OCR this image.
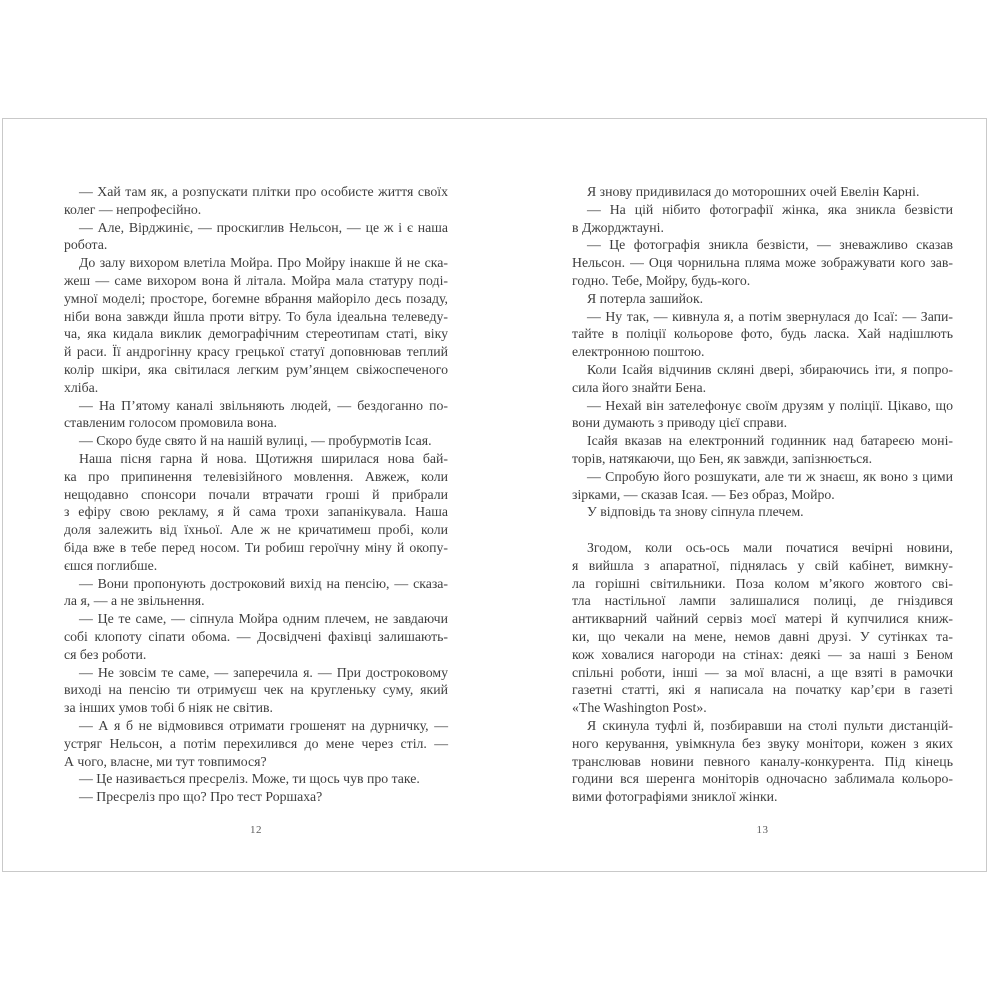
— Хай там як, а розпускати плітки про особисте життя своїх
колег — непрофесійно.
— Але, Вірджиніє, — проскиглив Нельсон, — це ж і є наша
робота.
До залу вихором влетіла Мойра. Про Мойру інакше й не ска-
жеш — саме вихором вона й літала. Мойра мала статуру поді-
умної моделі; просторе, богемне вбрання майоріло десь позаду,
ніби вона завжди йшла проти вітру. То була ідеальна телеведу-
ча, яка кидала виклик демографічним стереотипам статі, віку
й раси. Її андрогінну красу грецької статуї доповнював теплий
колір шкіри, яка світилася легким рум’янцем свіжоспеченого
хліба.
— На П’ятому каналі звільняють людей, — бездоганно по-
ставленим голосом промовила вона.
— Скоро буде свято й на нашій вулиці, — пробурмотів Ісая.
Наша пісня гарна й нова. Щотижня ширилася нова бай-
ка про припинення телевізійного мовлення. Авжеж, коли
нещодавно спонсори почали втрачати гроші й прибрали
з ефіру свою рекламу, я й сама трохи запанікувала. Наша
доля залежить від їхньої. Але ж не кричатимеш пробі, коли
біда вже в тебе перед носом. Ти робиш героїчну міну й окопу-
єшся поглибше.
— Вони пропонують достроковий вихід на пенсію, — сказа-
ла я, — а не звільнення.
— Це те саме, — сіпнула Мойра одним плечем, не завдаючи
собі клопоту сіпати обома. — Досвідчені фахівці залишають-
ся без роботи.
— Не зовсім те саме, — заперечила я. — При достроковому
виході на пенсію ти отримуєш чек на кругленьку суму, який
за інших умов тобі б ніяк не світив.
— А я б не відмовився отримати грошенят на дурничку, —
устряг Нельсон, а потім перехилився до мене через стіл. —
А чого, власне, ми тут товпимося?
— Це називається пресреліз. Може, ти щось чув про таке.
— Пресреліз про що? Про тест Роршаха?
Я знову придивилася до моторошних очей Евелін Карні.
— На цій нібито фотографії жінка, яка зникла безвісти
в Джорджтауні.
— Це фотографія зникла безвісти, — зневажливо сказав
Нельсон. — Оця чорнильна пляма може зображувати кого зав-
годно. Тебе, Мойру, будь-кого.
Я потерла зашийок.
— Ну так, — кивнула я, а потім звернулася до Ісаї: — Запи-
тайте в поліції кольорове фото, будь ласка. Хай надішлють
електронною поштою.
Коли Ісайя відчинив скляні двері, збираючись іти, я попро-
сила його знайти Бена.
— Нехай він зателефонує своїм друзям у поліції. Цікаво, що
вони думають з приводу цієї справи.
Ісайя вказав на електронний годинник над батареєю моні-
торів, натякаючи, що Бен, як завжди, запізнюється.
— Спробую його розшукати, але ти ж знаєш, як воно з цими
зірками, — сказав Ісая. — Без образ, Мойро.
У відповідь та знову сіпнула плечем.
Згодом, коли ось-ось мали початися вечірні новини,
я вийшла з апаратної, піднялась у свій кабінет, вимкну-
ла горішні світильники. Поза колом м’якого жовтого сві-
тла настільної лампи залишалися полиці, де гніздився
антикварний чайний сервіз моєї матері й купчилися книж-
ки, що чекали на мене, немов давні друзі. У сутінках та-
кож ховалися нагороди на стінах: деякі — за наші з Беном
спільні роботи, інші — за мої власні, а ще взяті в рамочки
газетні статті, які я написала на початку кар’єри в газеті
«The Washington Post».
Я скинула туфлі й, позбиравши на столі пульти дистанцій-
ного керування, увімкнула без звуку монітори, кожен з яких
транслював новини певного каналу-конкурента. Під кінець
години вся шеренга моніторів одночасно заблимала кольоро-
вими фотографіями зниклої жінки.
12	13
